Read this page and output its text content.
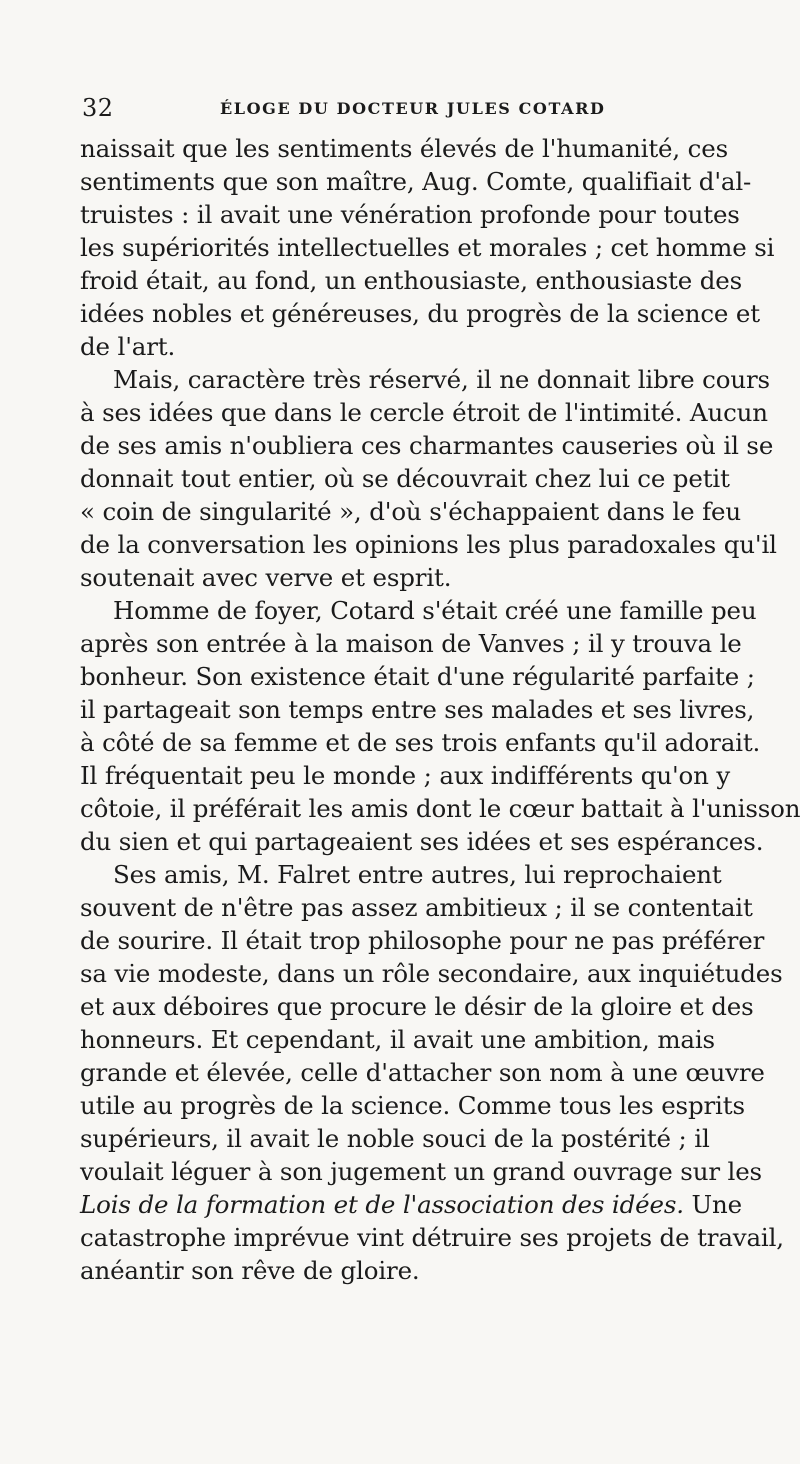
32	ÉLOGE DU DOCTEUR JULES COTARD
naissait que les sentiments élevés de l'humanité, ces
sentiments que son maître, Aug. Comte, qualifiait d'al-
truistes : il avait une vénération profonde pour toutes
les supériorités intellectuelles et morales ; cet homme si
froid était, au fond, un enthousiaste, enthousiaste des
idées nobles et généreuses, du progrès de la science et
de l'art.
Mais, caractère très réservé, il ne donnait libre cours
à ses idées que dans le cercle étroit de l'intimité. Aucun
de ses amis n'oubliera ces charmantes causeries où il se
donnait tout entier, où se découvrait chez lui ce petit
« coin de singularité », d'où s'échappaient dans le feu
de la conversation les opinions les plus paradoxales qu'il
soutenait avec verve et esprit.
Homme de foyer, Cotard s'était créé une famille peu
après son entrée à la maison de Vanves ; il y trouva le
bonheur. Son existence était d'une régularité parfaite ;
il partageait son temps entre ses malades et ses livres,
à côté de sa femme et de ses trois enfants qu'il adorait.
Il fréquentait peu le monde ; aux indifférents qu'on y
côtoie, il préférait les amis dont le cœur battait à l'unisson
du sien et qui partageaient ses idées et ses espérances.
Ses amis, M. Falret entre autres, lui reprochaient
souvent de n'être pas assez ambitieux ; il se contentait
de sourire. Il était trop philosophe pour ne pas préférer
sa vie modeste, dans un rôle secondaire, aux inquiétudes
et aux déboires que procure le désir de la gloire et des
honneurs. Et cependant, il avait une ambition, mais
grande et élevée, celle d'attacher son nom à une œuvre
utile au progrès de la science. Comme tous les esprits
supérieurs, il avait le noble souci de la postérité ; il
voulait léguer à son jugement un grand ouvrage sur les
Lois de la formation et de l'association des idées. Une
catastrophe imprévue vint détruire ses projets de travail,
anéantir son rêve de gloire.
